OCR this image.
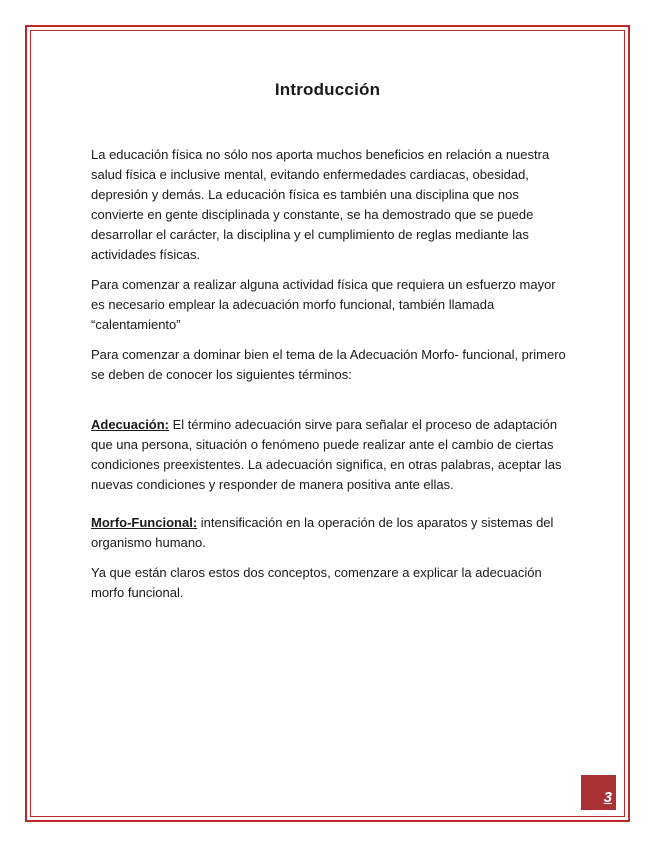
Introducción

La educación física no sólo nos aporta muchos beneficios en relación a nuestra salud física e inclusive mental, evitando enfermedades cardiacas, obesidad, depresión y demás. La educación física es también una disciplina que nos convierte en gente disciplinada y constante, se ha demostrado que se puede desarrollar el carácter, la disciplina y el cumplimiento de reglas mediante las actividades físicas.

Para comenzar a realizar alguna actividad física que requiera un esfuerzo mayor es necesario emplear la adecuación morfo funcional, también llamada “calentamiento”

Para comenzar a dominar bien el tema de la Adecuación Morfo- funcional, primero se deben de conocer los siguientes términos:

Adecuación: El término adecuación sirve para señalar el proceso de adaptación que una persona, situación o fenómeno puede realizar ante el cambio de ciertas condiciones preexistentes. La adecuación significa, en otras palabras, aceptar las nuevas condiciones y responder de manera positiva ante ellas.

Morfo-Funcional: intensificación en la operación de los aparatos y sistemas del organismo humano.

Ya que están claros estos dos conceptos, comenzare a explicar la adecuación morfo funcional.

3
